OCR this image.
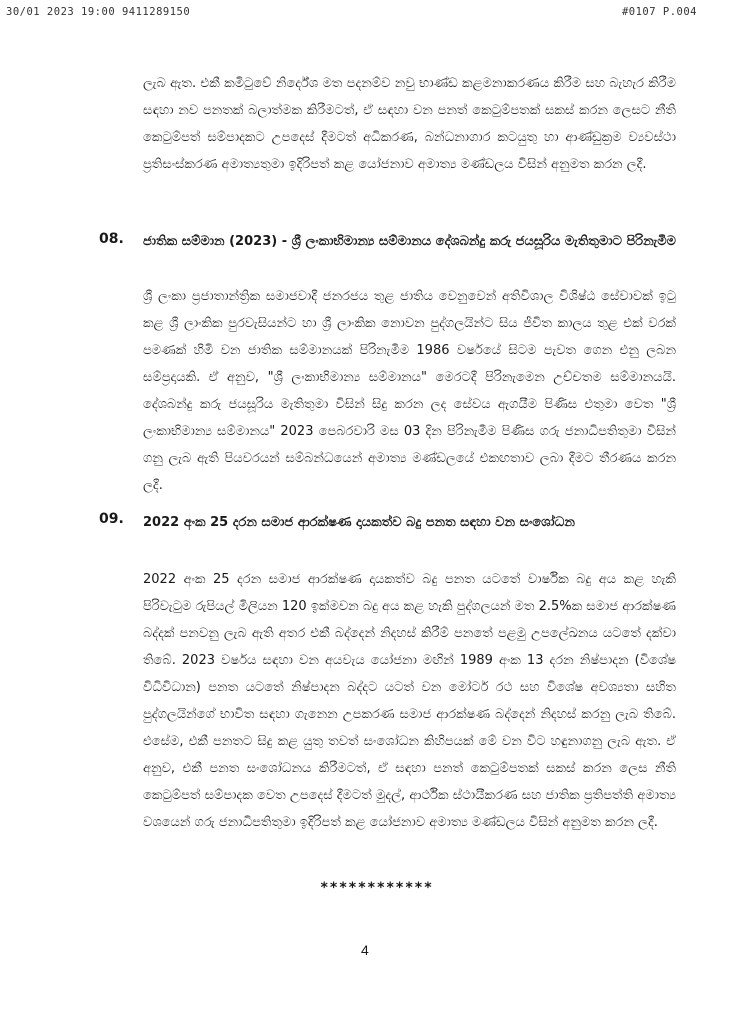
30/01 2023 19:00 9411289150	#0107 P.004

ලැබ ඇත. එකී කමිටුවේ නිර්දේශ මත පදනම්ව නවු භාණ්ඩ කළමනාකරණය කිරීම සහ බැහැර කිරීම සඳහා නව පනතක් බලාත්මක කිරීමටත්, ඒ සඳහා වන පනත් කෙටුම්පතක් සකස් කරන ලෙසට නීති කෙටුම්පත් සම්පාදකට උපදෙස් දීමටත් අධිකරණ, බන්ධනාගාර කටයුතු හා ආණ්ඩුක්‍රම ව්‍යවස්ථා ප්‍රතිසංස්කරණ අමාත්‍යතුමා ඉදිරිපත් කළ යෝජනාව අමාත්‍ය මණ්ඩලය විසින් අනුමත කරන ලදී.

08. ජාතික සම්මාන (2023) - ශ්‍රී ලංකාභිමාන්‍ය සම්මානය දේශබන්දු කරු ජයසූරිය මැතිතුමාට පිරිනැමීම

ශ්‍රී ලංකා ප්‍රජාතාන්ත්‍රික සමාජවාදී ජනරජය තුළ ජාතිය වෙනුවෙන් අතිවිශාල විශිෂ්ඨ සේවාවක් ඉටු කළ ශ්‍රී ලාංකික පුරවැසියන්ට හා ශ්‍රී ලාංකික නොවන පුද්ගලයින්ට සිය ජීවිත කාලය තුළ එක් වරක් පමණක් හිමි වන ජාතික සම්මානයක් පිරිනැමීම 1986 වර්ෂයේ සිටම පැවත ගෙන එනු ලබන සම්ප්‍රදායකි. ඒ අනුව, "ශ්‍රී ලංකාභිමාන්‍ය සම්මානය" මෙරටදී පිරිනැමෙන උච්චතම සම්මානයයි. දේශබන්දු කරු ජයසූරිය මැතිතුමා විසින් සිදු කරන ලද සේවය ඇගයීම පිණිස එතුමා වෙත "ශ්‍රී ලංකාභිමාන්‍ය සම්මානය" 2023 පෙබරවාරි මස 03 දින පිරිනැමීම පිණිස ගරු ජනාධිපතිතුමා විසින් ගනු ලැබ ඇති පියවරයන් සම්බන්ධයෙන් අමාත්‍ය මණ්ඩලයේ එකඟතාව ලබා දීමට තීරණය කරන ලදී.

09. 2022 අංක 25 දරන සමාජ ආරක්ෂණ දායකත්ව බදු පනත සඳහා වන සංශෝධන

2022 අංක 25 දරන සමාජ ආරක්ෂණ දායකත්ව බදු පනත යටතේ වාර්ෂික බදු අය කළ හැකි පිරිවැටුම රුපියල් මිලියන 120 ඉක්මවන බදු අය කළ හැකි පුද්ගලයන් මත 2.5%ක සමාජ ආරක්ෂණ බද්දක් පනවනු ලැබ ඇති අතර එකී බද්දෙන් නිදහස් කිරීම් පනතේ පළමු උපලේඛනය යටතේ දක්වා තිබේ. 2023 වර්ෂය සඳහා වන අයවැය යෝජනා මඟින් 1989 අංක 13 දරන නිෂ්පාදන (විශේෂ විධිවිධාන) පනත යටතේ නිෂ්පාදන බද්දට යටත් වන මෝටර් රථ සහ විශේෂ අවශ්‍යතා සහිත පුද්ගලයින්ගේ භාවිත සඳහා ගැනෙන උපකරණ සමාජ ආරක්ෂණ බද්දෙන් නිදහස් කරනු ලැබ තිබේ. එසේම, එකී පනතට සිදු කළ යුතු තවත් සංශෝධන කිහිපයක් මේ වන විට හඳුනාගනු ලැබ ඇත. ඒ අනුව, එකී පනත සංශෝධනය කිරීමටත්, ඒ සඳහා පනත් කෙටුම්පතක් සකස් කරන ලෙස නීති කෙටුම්පත් සම්පාදක වෙත උපදෙස් දීමටත් මුදල්, ආර්ථික ස්ථායීකරණ සහ ජාතික ප්‍රතිපත්ති අමාත්‍ය වශයෙන් ගරු ජනාධිපතිතුමා ඉදිරිපත් කළ යෝජනාව අමාත්‍ය මණ්ඩලය විසින් අනුමත කරන ලදී.

************
4
